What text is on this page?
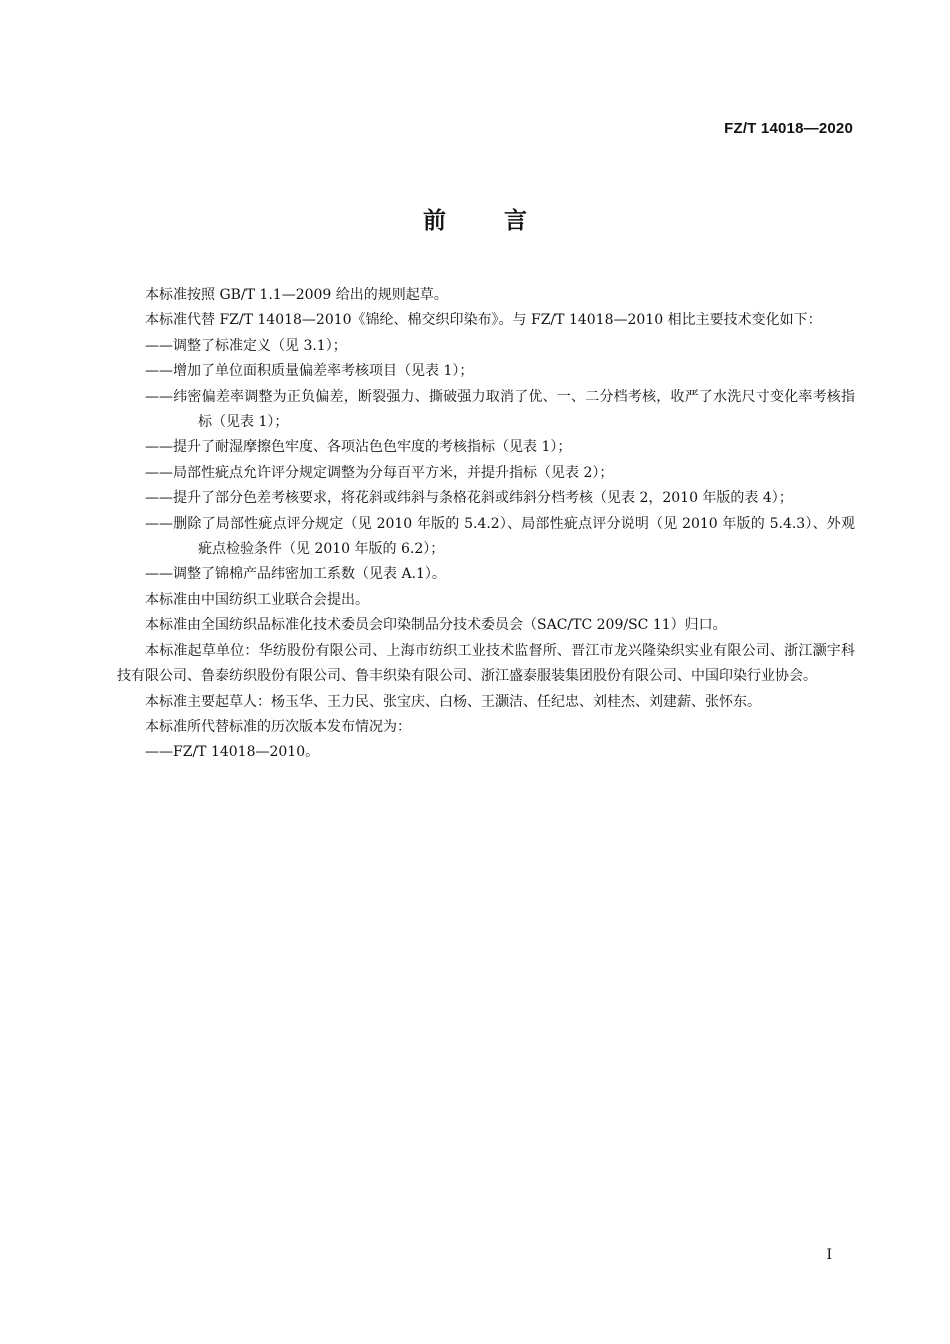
FZ/T 14018—2020
前言

本标准按照 GB/T 1.1—2009 给出的规则起草。

本标准代替 FZ/T 14018—2010《锦纶、棉交织印染布》。与 FZ/T 14018—2010 相比主要技术变化如下：

——调整了标准定义（见 3.1）；

——增加了单位面积质量偏差率考核项目（见表 1）；

——纬密偏差率调整为正负偏差，断裂强力、撕破强力取消了优、一、二分档考核，收严了水洗尺寸变化率考核指标（见表 1）；

——提升了耐湿摩擦色牢度、各项沾色色牢度的考核指标（见表 1）；

——局部性疵点允许评分规定调整为分每百平方米，并提升指标（见表 2）；

——提升了部分色差考核要求，将花斜或纬斜与条格花斜或纬斜分档考核（见表 2，2010 年版的表 4）；

——删除了局部性疵点评分规定（见 2010 年版的 5.4.2）、局部性疵点评分说明（见 2010 年版的 5.4.3）、外观疵点检验条件（见 2010 年版的 6.2）；

——调整了锦棉产品纬密加工系数（见表 A.1）。

本标准由中国纺织工业联合会提出。

本标准由全国纺织品标准化技术委员会印染制品分技术委员会（SAC/TC 209/SC 11）归口。

本标准起草单位：华纺股份有限公司、上海市纺织工业技术监督所、晋江市龙兴隆染织实业有限公司、浙江灏宇科技有限公司、鲁泰纺织股份有限公司、鲁丰织染有限公司、浙江盛泰服装集团股份有限公司、中国印染行业协会。

本标准主要起草人：杨玉华、王力民、张宝庆、白杨、王灏洁、任纪忠、刘桂杰、刘建薪、张怀东。

本标准所代替标准的历次版本发布情况为：

——FZ/T 14018—2010。

I
